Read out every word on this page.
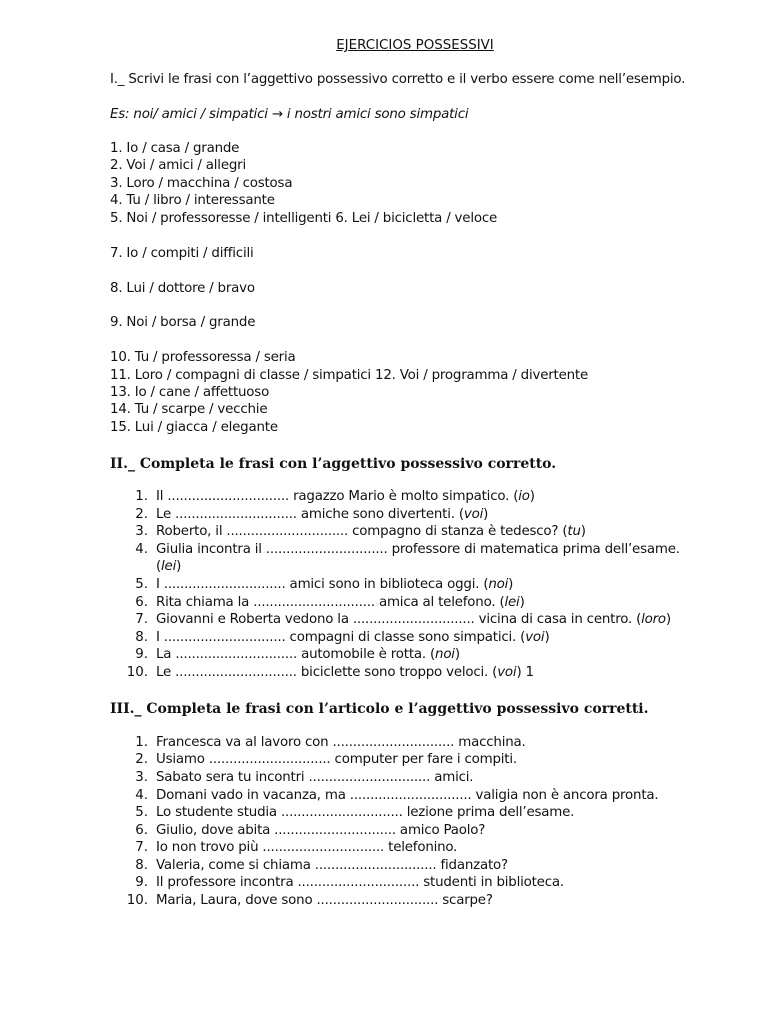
EJERCICIOS POSSESSIVI
I._ Scrivi le frasi con l’aggettivo possessivo corretto e il verbo essere come nell’esempio.
Es: noi/ amici / simpatici → i nostri amici sono simpatici
1. Io / casa / grande
2. Voi / amici / allegri
3. Loro / macchina / costosa
4. Tu / libro / interessante
5. Noi / professoresse / intelligenti 6. Lei / bicicletta / veloce
7. Io / compiti / difficili
8. Lui / dottore / bravo
9. Noi / borsa / grande
10. Tu / professoressa / seria
11. Loro / compagni di classe / simpatici 12. Voi / programma / divertente
13. Io / cane / affettuoso
14. Tu / scarpe / vecchie
15. Lui / giacca / elegante
II._ Completa le frasi con l’aggettivo possessivo corretto.
1. Il .............................. ragazzo Mario è molto simpatico. (io)
2. Le .............................. amiche sono divertenti. (voi)
3. Roberto, il .............................. compagno di stanza è tedesco? (tu)
4. Giulia incontra il .............................. professore di matematica prima dell’esame.
(lei)
5. I .............................. amici sono in biblioteca oggi. (noi)
6. Rita chiama la .............................. amica al telefono. (lei)
7. Giovanni e Roberta vedono la .............................. vicina di casa in centro. (loro)
8. I .............................. compagni di classe sono simpatici. (voi)
9. La .............................. automobile è rotta. (noi)
10. Le .............................. biciclette sono troppo veloci. (voi) 1
III._ Completa le frasi con l’articolo e l’aggettivo possessivo corretti.
1. Francesca va al lavoro con .............................. macchina.
2. Usiamo .............................. computer per fare i compiti.
3. Sabato sera tu incontri .............................. amici.
4. Domani vado in vacanza, ma .............................. valigia non è ancora pronta.
5. Lo studente studia .............................. lezione prima dell’esame.
6. Giulio, dove abita .............................. amico Paolo?
7. Io non trovo più .............................. telefonino.
8. Valeria, come si chiama .............................. fidanzato?
9. Il professore incontra .............................. studenti in biblioteca.
10. Maria, Laura, dove sono .............................. scarpe?
